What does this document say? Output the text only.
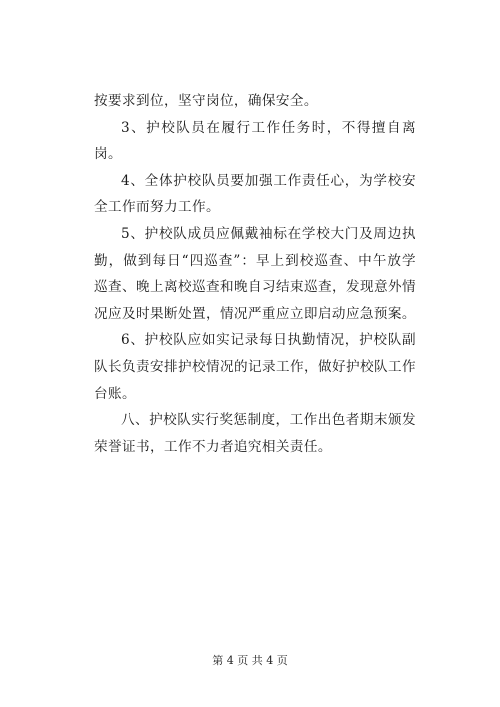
按要求到位，坚守岗位，确保安全。

3、护校队员在履行工作任务时，不得擅自离岗。

4、全体护校队员要加强工作责任心，为学校安全工作而努力工作。

5、护校队成员应佩戴袖标在学校大门及周边执勤，做到每日“四巡查”：早上到校巡查、中午放学巡查、晚上离校巡查和晚自习结束巡查，发现意外情况应及时果断处置，情况严重应立即启动应急预案。

6、护校队应如实记录每日执勤情况，护校队副队长负责安排护校情况的记录工作，做好护校队工作台账。

八、护校队实行奖惩制度，工作出色者期末颁发荣誉证书，工作不力者追究相关责任。

第 4 页 共 4 页
